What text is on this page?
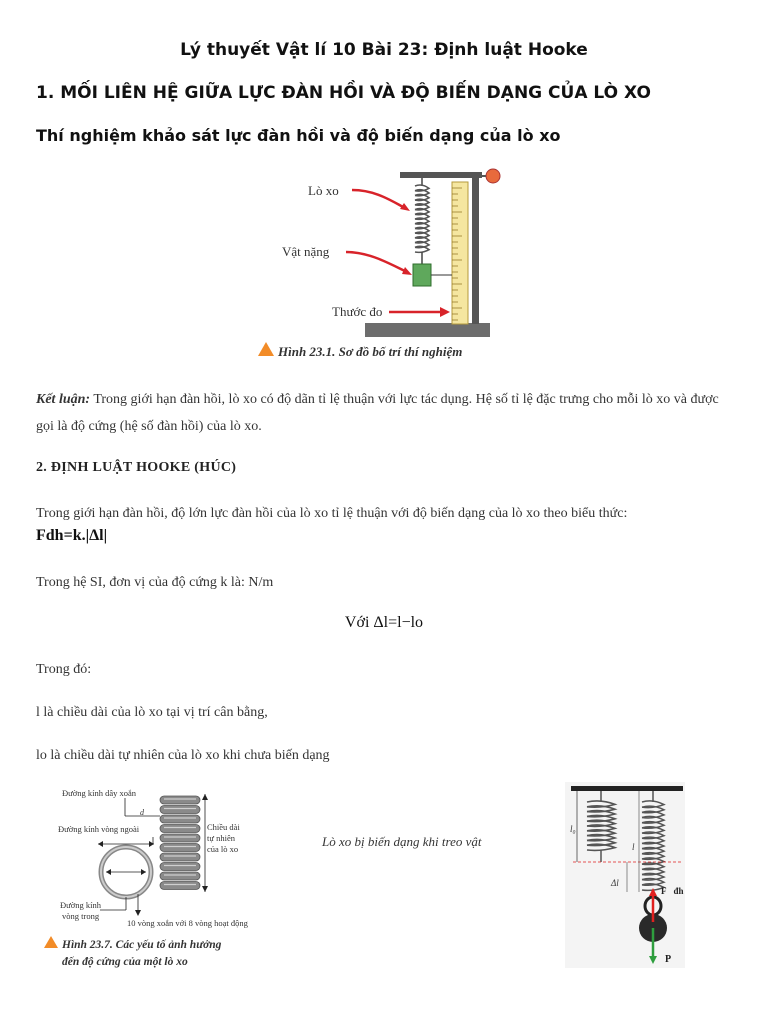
Lý thuyết Vật lí 10 Bài 23: Định luật Hooke
1. MỐI LIÊN HỆ GIỮA LỰC ĐÀN HỒI VÀ ĐỘ BIẾN DẠNG CỦA LÒ XO
Thí nghiệm khảo sát lực đàn hồi và độ biến dạng của lò xo
Lò xo
Vật nặng
Thước đo
Hình 23.1. Sơ đồ bố trí thí nghiệm
Kết luận: Trong giới hạn đàn hồi, lò xo có độ dãn tỉ lệ thuận với lực tác dụng. Hệ số tỉ lệ đặc trưng cho mỗi lò xo và được gọi là độ cứng (hệ số đàn hồi) của lò xo.
2. ĐỊNH LUẬT HOOKE (HÚC)
Trong giới hạn đàn hồi, độ lớn lực đàn hồi của lò xo tỉ lệ thuận với độ biến dạng của lò xo theo biểu thức:
Fdh=k.|Δl|
Trong hệ SI, đơn vị của độ cứng k là: N/m
Với Δl=l−lo
Trong đó:
l là chiều dài của lò xo tại vị trí cân bằng,
lo là chiều dài tự nhiên của lò xo khi chưa biến dạng
Đường kính dây xoắn
d
Đường kính vòng ngoài
Đường kính
vòng trong
Chiều dài
tự nhiên
của lò xo
10 vòng xoắn với 8 vòng hoạt động
Hình 23.7. Các yếu tố ảnh hưởng
đến độ cứng của một lò xo
Lò xo bị biến dạng khi treo vật
l₀
l
Δl
F⃗đh
P⃗
